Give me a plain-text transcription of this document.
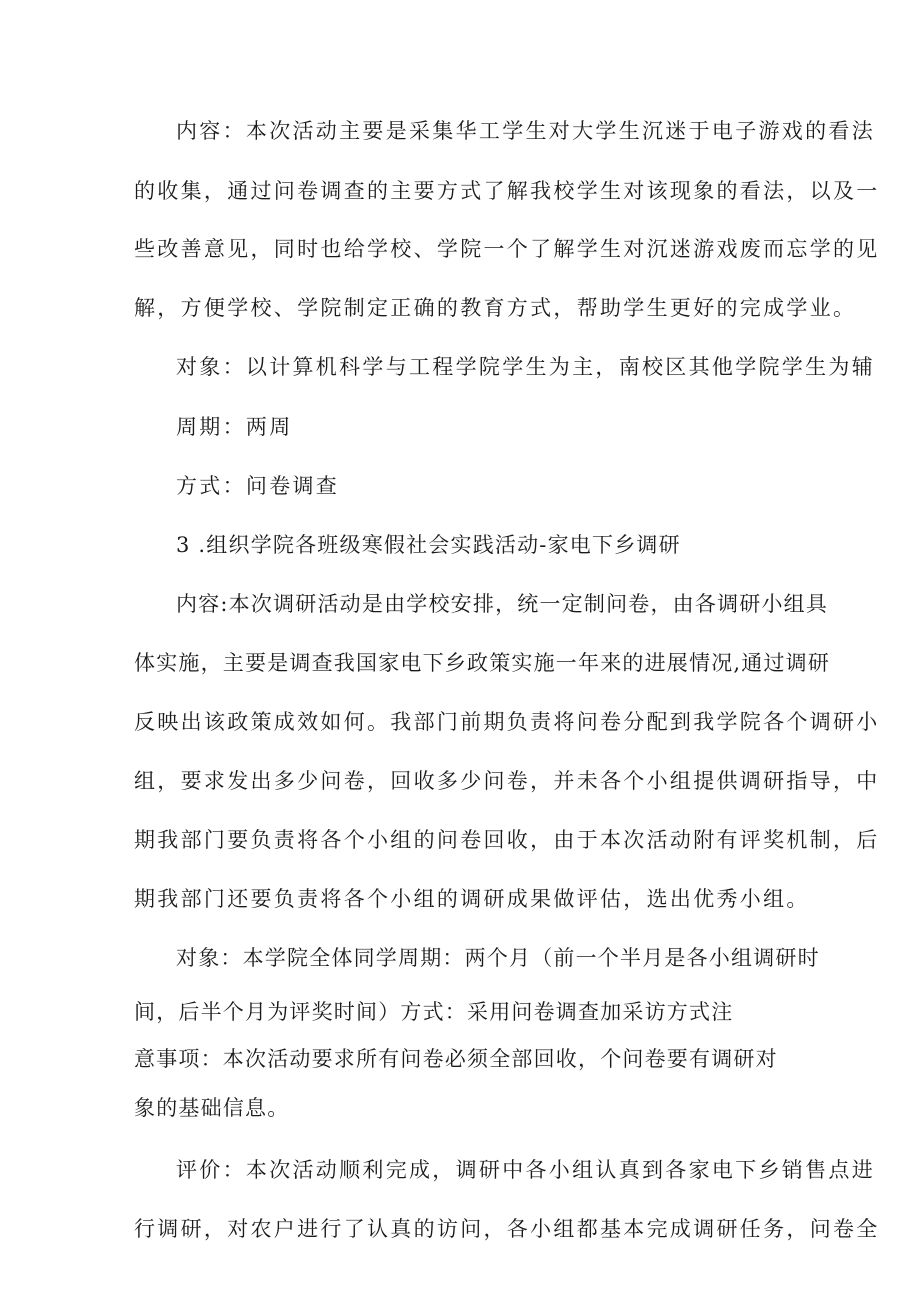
内容：本次活动主要是采集华工学生对大学生沉迷于电子游戏的看法
的收集，通过问卷调查的主要方式了解我校学生对该现象的看法，以及一
些改善意见，同时也给学校、学院一个了解学生对沉迷游戏废而忘学的见
解，方便学校、学院制定正确的教育方式，帮助学生更好的完成学业。
对象：以计算机科学与工程学院学生为主，南校区其他学院学生为辅
周期：两周
方式：问卷调查
3 .组织学院各班级寒假社会实践活动-家电下乡调研
内容:本次调研活动是由学校安排，统一定制问卷，由各调研小组具
体实施，主要是调查我国家电下乡政策实施一年来的进展情况,通过调研
反映出该政策成效如何。我部门前期负责将问卷分配到我学院各个调研小
组，要求发出多少问卷，回收多少问卷，并未各个小组提供调研指导，中
期我部门要负责将各个小组的问卷回收，由于本次活动附有评奖机制，后
期我部门还要负责将各个小组的调研成果做评估，选出优秀小组。
对象：本学院全体同学周期：两个月（前一个半月是各小组调研时
间，后半个月为评奖时间）方式：采用问卷调查加采访方式注
意事项：本次活动要求所有问卷必须全部回收，个问卷要有调研对
象的基础信息。
评价：本次活动顺利完成，调研中各小组认真到各家电下乡销售点进
行调研，对农户进行了认真的访问，各小组都基本完成调研任务，问卷全
